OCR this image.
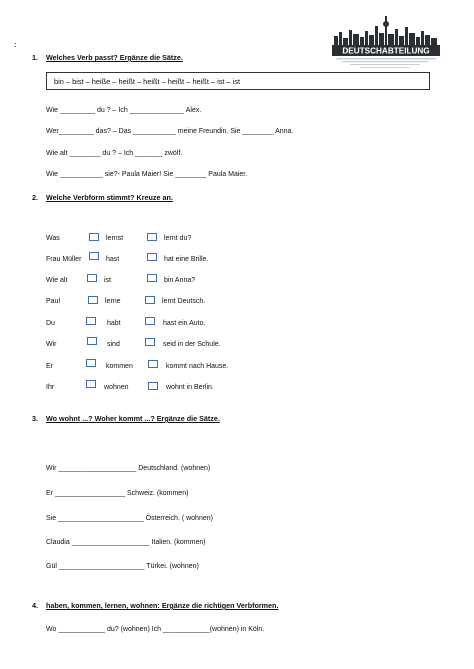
:
DEUTSCHABTEILUNG
1. Welches Verb passt? Ergänze die Sätze.
bin – bist – heiße – heißt – heißt – heißt – heißt – ist – ist
Wie _________ du ? – Ich ______________ Alex.
Wer_________ das? – Das ___________ meine Freundin. Sie ________ Anna.
Wie alt ________ du ? – Ich _______ zwölf.
Wie ___________ sie?- Paula Maier! Sie ________ Paula Maier.
2. Welche Verbform stimmt? Kreuze an.
Was	lernst	lernt du?
Frau Müller	hast	hat eine Brille.
Wie alt	ist	bin Anna?
Paul	lerne	lernt Deutsch.
Du	habt	hast ein Auto.
Wir	sind	seid in der Schule.
Er	kommen	kommt nach Hause.
Ihr	wohnen	wohnt in Berlin.
3. Wo wohnt ...? Woher kommt ...? Ergänze die Sätze.
Wir ____________________ Deutschland. (wohnen)
Er __________________ Schweiz. (kommen)
Sie ______________________ Österreich. ( wohnen)
Claudia ____________________ Italien. (kommen)
Gül ______________________ Türkei. (wohnen)
4. haben, kommen, lernen, wohnen: Ergänze die richtigen Verbformen.
Wo ____________ du? (wohnen) Ich ____________(wohnen) in Köln.
